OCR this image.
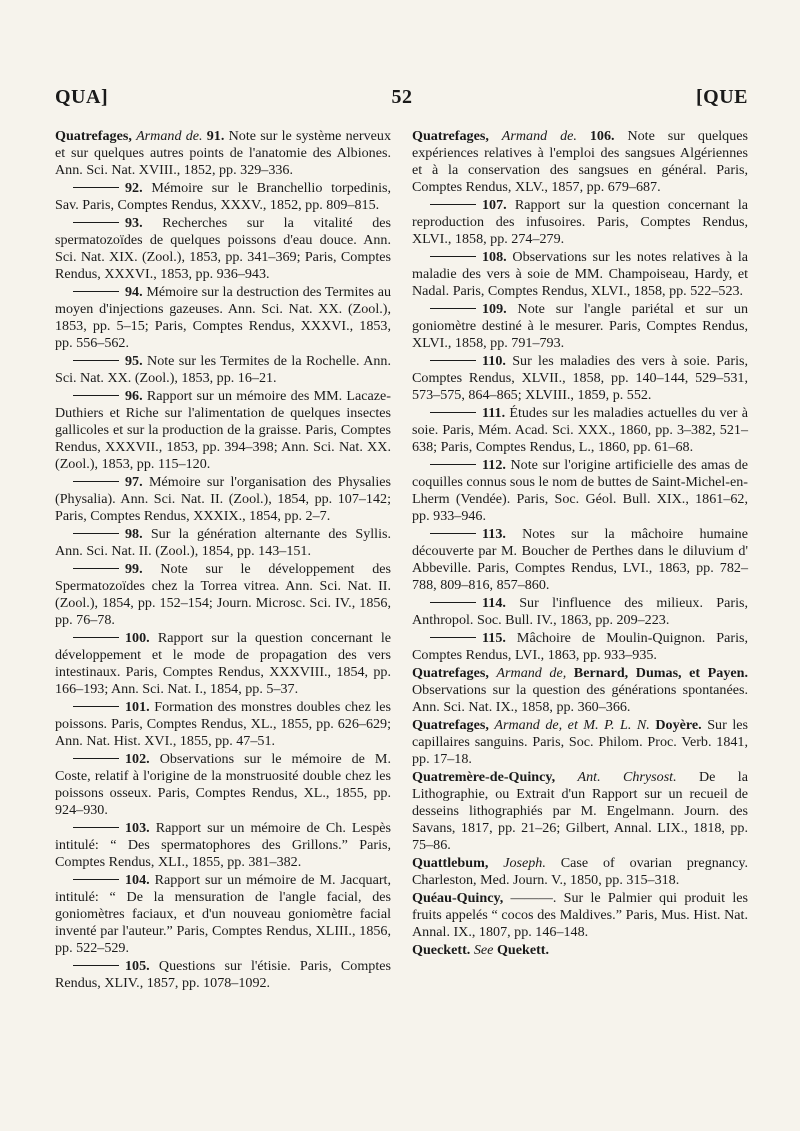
QUA]	52	[QUE

Quatrefages, Armand de. 91. Note sur le système nerveux et sur quelques autres points de l'anatomie des Albiones. Ann. Sci. Nat. XVIII., 1852, pp. 329–336.

92. Mémoire sur le Branchellio torpedinis, Sav. Paris, Comptes Rendus, XXXV., 1852, pp. 809–815.

93. Recherches sur la vitalité des spermatozoïdes de quelques poissons d'eau douce. Ann. Sci. Nat. XIX. (Zool.), 1853, pp. 341–369; Paris, Comptes Rendus, XXXVI., 1853, pp. 936–943.

94. Mémoire sur la destruction des Termites au moyen d'injections gazeuses. Ann. Sci. Nat. XX. (Zool.), 1853, pp. 5–15; Paris, Comptes Rendus, XXXVI., 1853, pp. 556–562.

95. Note sur les Termites de la Rochelle. Ann. Sci. Nat. XX. (Zool.), 1853, pp. 16–21.

96. Rapport sur un mémoire des MM. Lacaze-Duthiers et Riche sur l'alimentation de quelques insectes gallicoles et sur la production de la graisse. Paris, Comptes Rendus, XXXVII., 1853, pp. 394–398; Ann. Sci. Nat. XX. (Zool.), 1853, pp. 115–120.

97. Mémoire sur l'organisation des Physalies (Physalia). Ann. Sci. Nat. II. (Zool.), 1854, pp. 107–142; Paris, Comptes Rendus, XXXIX., 1854, pp. 2–7.

98. Sur la génération alternante des Syllis. Ann. Sci. Nat. II. (Zool.), 1854, pp. 143–151.

99. Note sur le développement des Spermatozoïdes chez la Torrea vitrea. Ann. Sci. Nat. II. (Zool.), 1854, pp. 152–154; Journ. Microsc. Sci. IV., 1856, pp. 76–78.

100. Rapport sur la question concernant le développement et le mode de propagation des vers intestinaux. Paris, Comptes Rendus, XXXVIII., 1854, pp. 166–193; Ann. Sci. Nat. I., 1854, pp. 5–37.

101. Formation des monstres doubles chez les poissons. Paris, Comptes Rendus, XL., 1855, pp. 626–629; Ann. Nat. Hist. XVI., 1855, pp. 47–51.

102. Observations sur le mémoire de M. Coste, relatif à l'origine de la monstruosité double chez les poissons osseux. Paris, Comptes Rendus, XL., 1855, pp. 924–930.

103. Rapport sur un mémoire de Ch. Lespès intitulé: “ Des spermatophores des Grillons.” Paris, Comptes Rendus, XLI., 1855, pp. 381–382.

104. Rapport sur un mémoire de M. Jacquart, intitulé: “ De la mensuration de l'angle facial, des goniomètres faciaux, et d'un nouveau goniomètre facial inventé par l'auteur.” Paris, Comptes Rendus, XLIII., 1856, pp. 522–529.

105. Questions sur l'étisie. Paris, Comptes Rendus, XLIV., 1857, pp. 1078–1092.

Quatrefages, Armand de. 106. Note sur quelques expériences relatives à l'emploi des sangsues Algériennes et à la conservation des sangsues en général. Paris, Comptes Rendus, XLV., 1857, pp. 679–687.

107. Rapport sur la question concernant la reproduction des infusoires. Paris, Comptes Rendus, XLVI., 1858, pp. 274–279.

108. Observations sur les notes relatives à la maladie des vers à soie de MM. Champoiseau, Hardy, et Nadal. Paris, Comptes Rendus, XLVI., 1858, pp. 522–523.

109. Note sur l'angle pariétal et sur un goniomètre destiné à le mesurer. Paris, Comptes Rendus, XLVI., 1858, pp. 791–793.

110. Sur les maladies des vers à soie. Paris, Comptes Rendus, XLVII., 1858, pp. 140–144, 529–531, 573–575, 864–865; XLVIII., 1859, p. 552.

111. Études sur les maladies actuelles du ver à soie. Paris, Mém. Acad. Sci. XXX., 1860, pp. 3–382, 521–638; Paris, Comptes Rendus, L., 1860, pp. 61–68.

112. Note sur l'origine artificielle des amas de coquilles connus sous le nom de buttes de Saint-Michel-en-Lherm (Vendée). Paris, Soc. Géol. Bull. XIX., 1861–62, pp. 933–946.

113. Notes sur la mâchoire humaine découverte par M. Boucher de Perthes dans le diluvium d' Abbeville. Paris, Comptes Rendus, LVI., 1863, pp. 782–788, 809–816, 857–860.

114. Sur l'influence des milieux. Paris, Anthropol. Soc. Bull. IV., 1863, pp. 209–223.

115. Mâchoire de Moulin-Quignon. Paris, Comptes Rendus, LVI., 1863, pp. 933–935.

Quatrefages, Armand de, Bernard, Dumas, et Payen. Observations sur la question des générations spontanées. Ann. Sci. Nat. IX., 1858, pp. 360–366.

Quatrefages, Armand de, et M. P. L. N. Doyère. Sur les capillaires sanguins. Paris, Soc. Philom. Proc. Verb. 1841, pp. 17–18.

Quatremère-de-Quincy, Ant. Chrysost. De la Lithographie, ou Extrait d'un Rapport sur un recueil de desseins lithographiés par M. Engelmann. Journ. des Savans, 1817, pp. 21–26; Gilbert, Annal. LIX., 1818, pp. 75–86.

Quattlebum, Joseph. Case of ovarian pregnancy. Charleston, Med. Journ. V., 1850, pp. 315–318.

Quéau-Quincy, ———. Sur le Palmier qui produit les fruits appelés “ cocos des Maldives.” Paris, Mus. Hist. Nat. Annal. IX., 1807, pp. 146–148.

Queckett. See Quekett.
